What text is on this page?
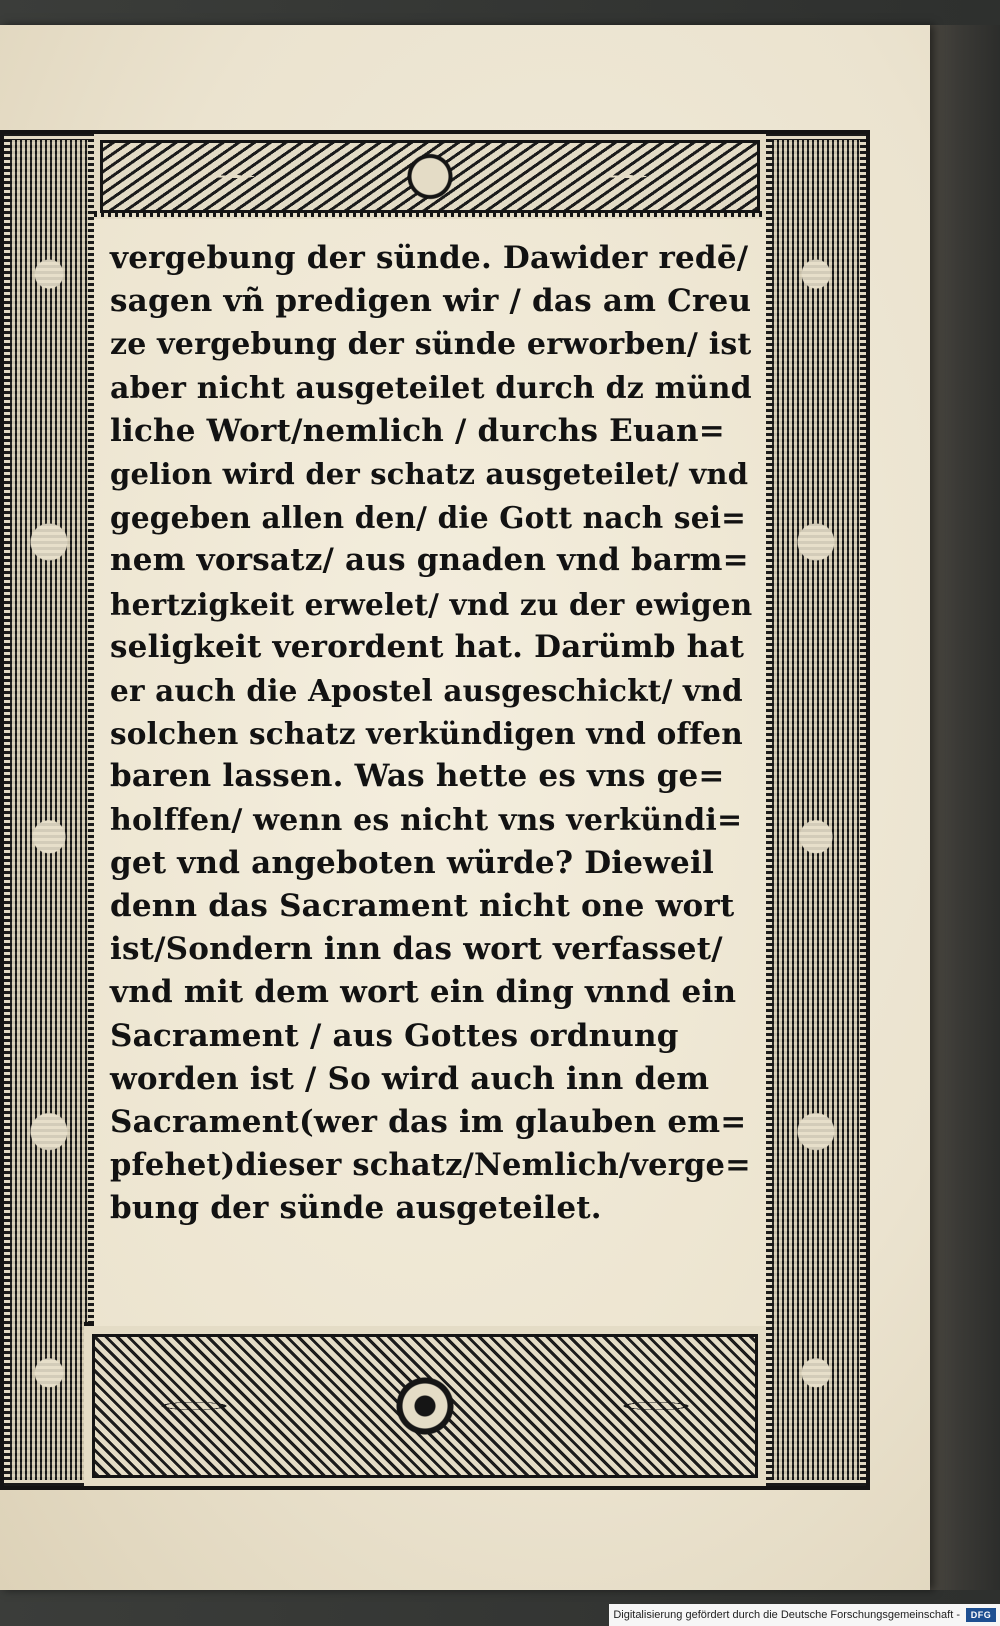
vergebung der sünde. Dawider redē/
sagen vñ predigen wir / das am Creu
ze vergebung der sünde erworben/ ist
aber nicht ausgeteilet durch dz münd
liche Wort/nemlich / durchs Euan=
gelion wird der schatz ausgeteilet/ vnd
gegeben allen den/ die Gott nach sei=
nem vorsatz/ aus gnaden vnd barm=
hertzigkeit erwelet/ vnd zu der ewigen
seligkeit verordent hat. Darümb hat
er auch die Apostel ausgeschickt/ vnd
solchen schatz verkündigen vnd offen
baren lassen. Was hette es vns ge=
holffen/ wenn es nicht vns verkündi=
get vnd angeboten würde? Dieweil
denn das Sacrament nicht one wort
ist/Sondern inn das wort verfasset/
vnd mit dem wort ein ding vnnd ein
Sacrament / aus Gottes ordnung
worden ist / So wird auch inn dem
Sacrament(wer das im glauben em=
pfehet)dieser schatz/Nemlich/verge=
bung der sünde ausgeteilet.
Digitalisierung gefördert durch die Deutsche Forschungsgemeinschaft -	DFG
